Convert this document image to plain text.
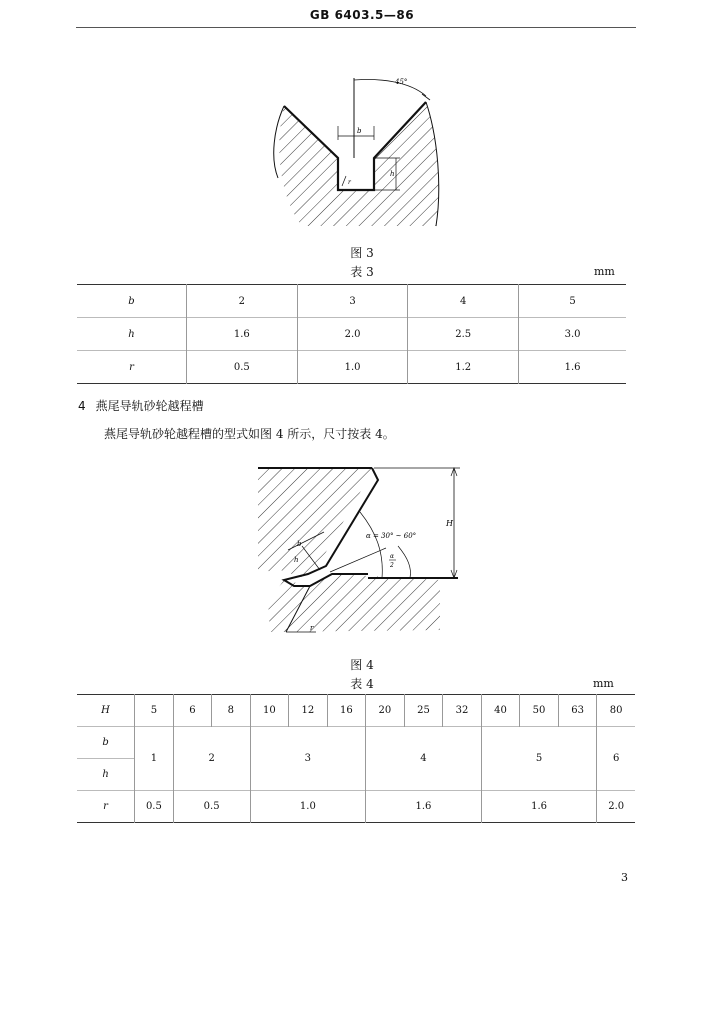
GB 6403.5—86
45°
b
h
r
图 3
表 3	mm
b	2	3	4	5
h	1.6	2.0	2.5	3.0
r	0.5	1.0	1.2	1.6
4 燕尾导轨砂轮越程槽
燕尾导轨砂轮越程槽的型式如图 4 所示，尺寸按表 4。
α = 30° ~ 60°
H
b
h
r
α
2
图 4
表 4	mm
H	5	6	8	10	12	16	20	25	32	40	50	63	80
b	1	2		3			4			5			6
h													
r	0.5	0.5		1.0			1.6			1.6			2.0
3
